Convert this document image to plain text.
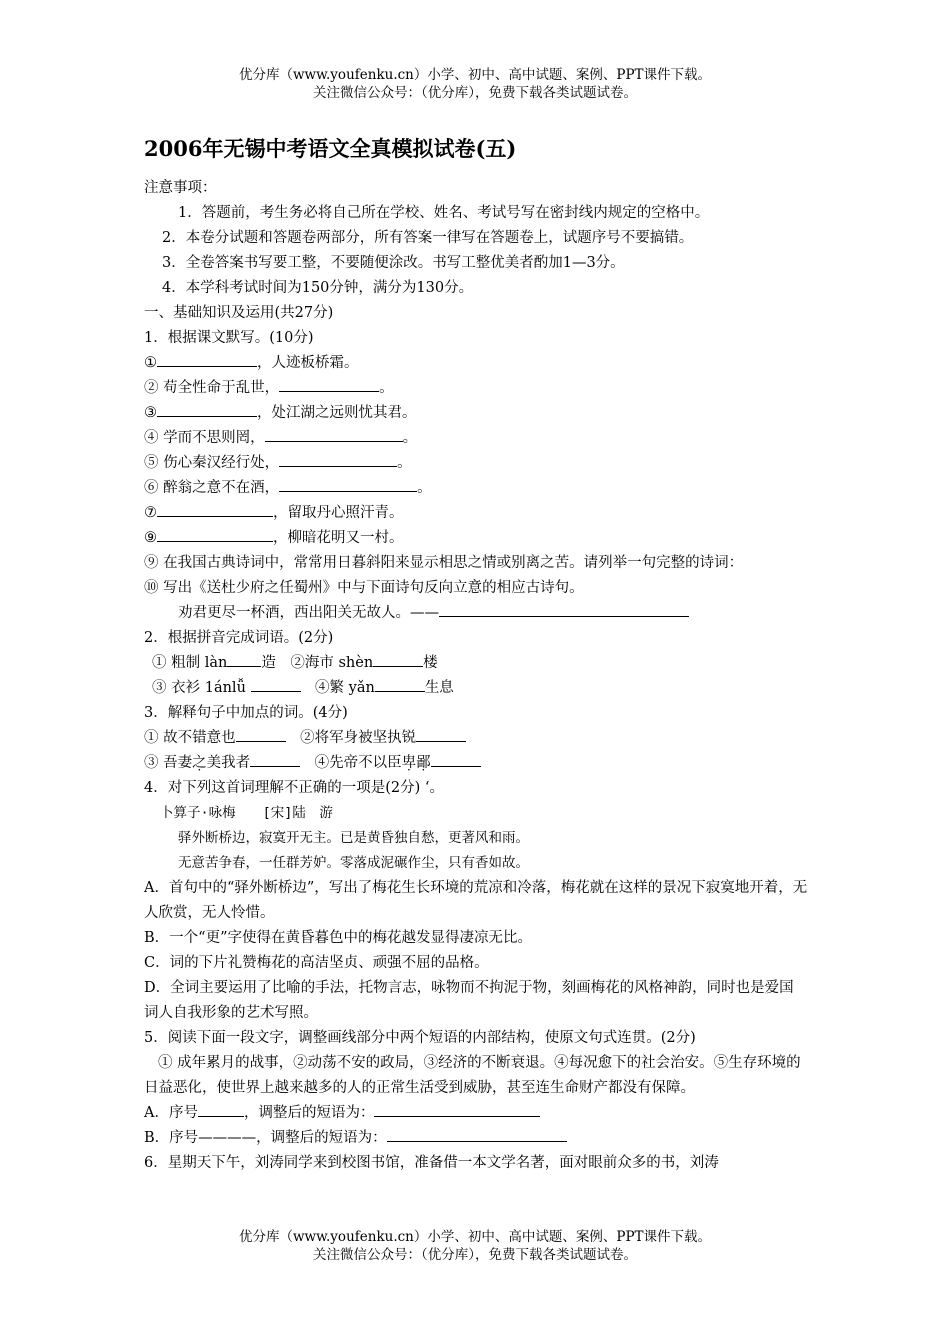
优分库（www.youfenku.cn）小学、初中、高中试题、案例、PPT课件下载。
关注微信公众号：（优分库），免费下载各类试题试卷。
2006年无锡中考语文全真模拟试卷(五)
注意事项：
1．答题前，考生务必将自己所在学校、姓名、考试号写在密封线内规定的空格中。
2．本卷分试题和答题卷两部分，所有答案一律写在答题卷上，试题序号不要搞错。
3．全卷答案书写要工整，不要随便涂改。书写工整优美者酌加1—3分。
4．本学科考试时间为150分钟，满分为130分。
一、基础知识及运用(共27分)
1．根据课文默写。(10分)
①	，人迹板桥霜。
② 苟全性命于乱世，	。
③	，处江湖之远则忧其君。
④ 学而不思则罔，	。
⑤ 伤心秦汉经行处，	。
⑥ 醉翁之意不在酒，	。
⑦	，留取丹心照汗青。
⑨	，柳暗花明又一村。
⑨ 在我国古典诗词中，常常用日暮斜阳来显示相思之情或别离之苦。请列举一句完整的诗词：
⑩ 写出《送杜少府之任蜀州》中与下面诗句反向立意的相应古诗句。
劝君更尽一杯酒，西出阳关无故人。——
2．根据拼音完成词语。(2分)
① 粗制 làn 造　②海市 shèn	楼
③ 衣衫 1ánlǚ 　	④繁 yǎn	生息
3．解释句子中加点的词。(4分)
① 故不错意也　	②将军身被坚执锐
③ 吾妻之美我者　	④先帝不以臣卑鄙
4．对下列这首词理解不正确的一项是(2分) ‘。
卜算子·咏梅　　[宋]陆　游
驿外断桥边，寂寞开无主。已是黄昏独自愁，更著风和雨。
无意苦争春，一任群芳妒。零落成泥碾作尘，只有香如故。
A．首句中的“驿外断桥边”，写出了梅花生长环境的荒凉和冷落，梅花就在这样的景况下寂寞地开着，无人欣赏，无人怜惜。
B．一个“更”字使得在黄昏暮色中的梅花越发显得凄凉无比。
C．词的下片礼赞梅花的高洁坚贞、顽强不屈的品格。
D．全词主要运用了比喻的手法，托物言志，咏物而不拘泥于物，刻画梅花的风格神韵，同时也是爱国词人自我形象的艺术写照。
5．阅读下面一段文字，调整画线部分中两个短语的内部结构，使原文句式连贯。(2分)
① 成年累月的战事，②动荡不安的政局，③经济的不断衰退。④每况愈下的社会治安。⑤生存环境的日益恶化，使世界上越来越多的人的正常生活受到威胁，甚至连生命财产都没有保障。
A．序号	，调整后的短语为：
B．序号————，调整后的短语为：
6．星期天下午，刘涛同学来到校图书馆，准备借一本文学名著，面对眼前众多的书，刘涛
优分库（www.youfenku.cn）小学、初中、高中试题、案例、PPT课件下载。
关注微信公众号：（优分库），免费下载各类试题试卷。
